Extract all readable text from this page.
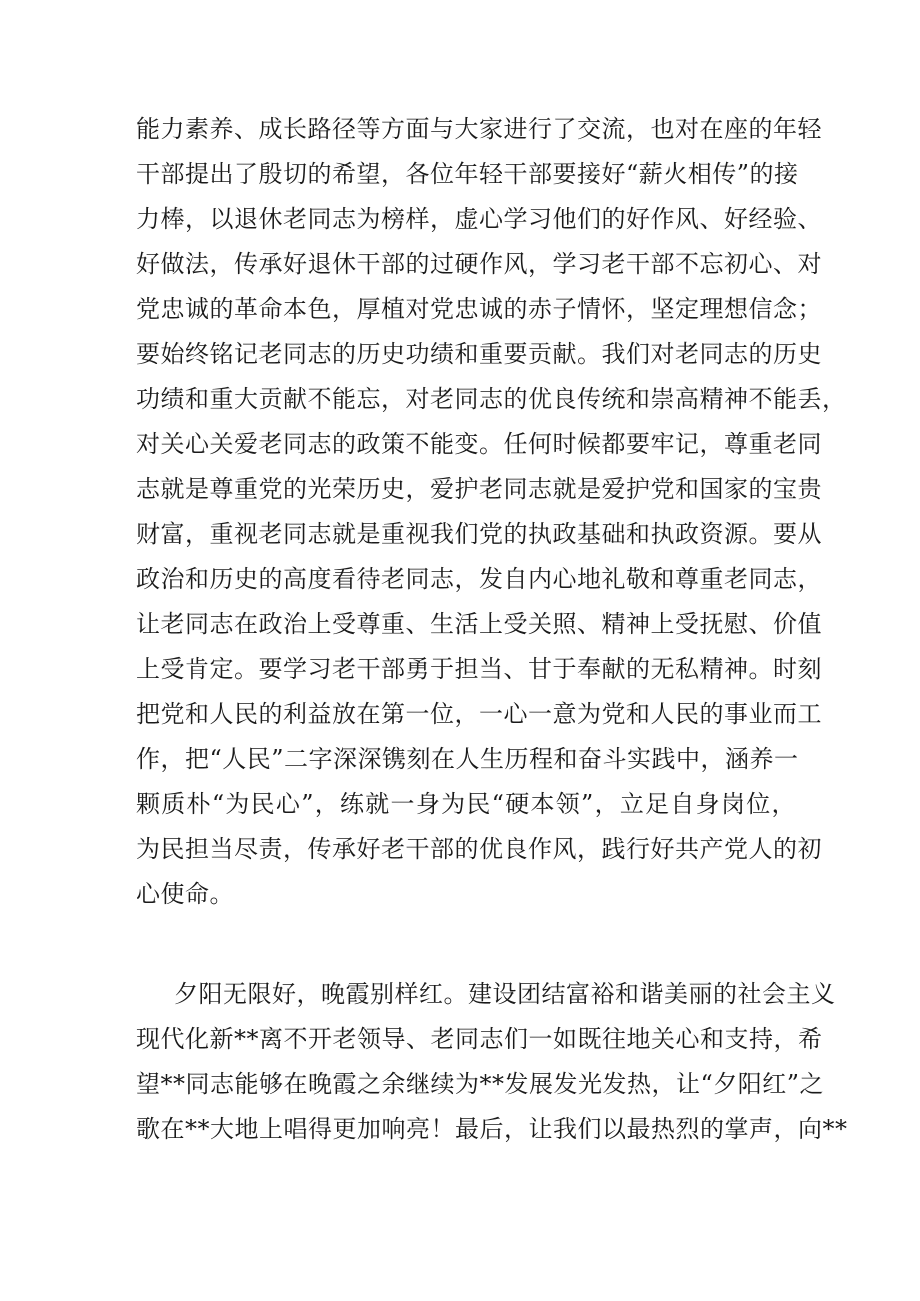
能力素养、成长路径等方面与大家进行了交流，也对在座的年轻
干部提出了殷切的希望，各位年轻干部要接好“薪火相传”的接
力棒，以退休老同志为榜样，虚心学习他们的好作风、好经验、
好做法，传承好退休干部的过硬作风，学习老干部不忘初心、对
党忠诚的革命本色，厚植对党忠诚的赤子情怀，坚定理想信念；
要始终铭记老同志的历史功绩和重要贡献。我们对老同志的历史
功绩和重大贡献不能忘，对老同志的优良传统和崇高精神不能丢，
对关心关爱老同志的政策不能变。任何时候都要牢记，尊重老同
志就是尊重党的光荣历史，爱护老同志就是爱护党和国家的宝贵
财富，重视老同志就是重视我们党的执政基础和执政资源。要从
政治和历史的高度看待老同志，发自内心地礼敬和尊重老同志，
让老同志在政治上受尊重、生活上受关照、精神上受抚慰、价值
上受肯定。要学习老干部勇于担当、甘于奉献的无私精神。时刻
把党和人民的利益放在第一位，一心一意为党和人民的事业而工
作，把“人民”二字深深镌刻在人生历程和奋斗实践中，涵养一
颗质朴“为民心”，练就一身为民“硬本领”，立足自身岗位，
为民担当尽责，传承好老干部的优良作风，践行好共产党人的初
心使命。
夕阳无限好，晚霞别样红。建设团结富裕和谐美丽的社会主义
现代化新**离不开老领导、老同志们一如既往地关心和支持，希
望**同志能够在晚霞之余继续为**发展发光发热，让“夕阳红”之
歌在**大地上唱得更加响亮！最后，让我们以最热烈的掌声，向**
